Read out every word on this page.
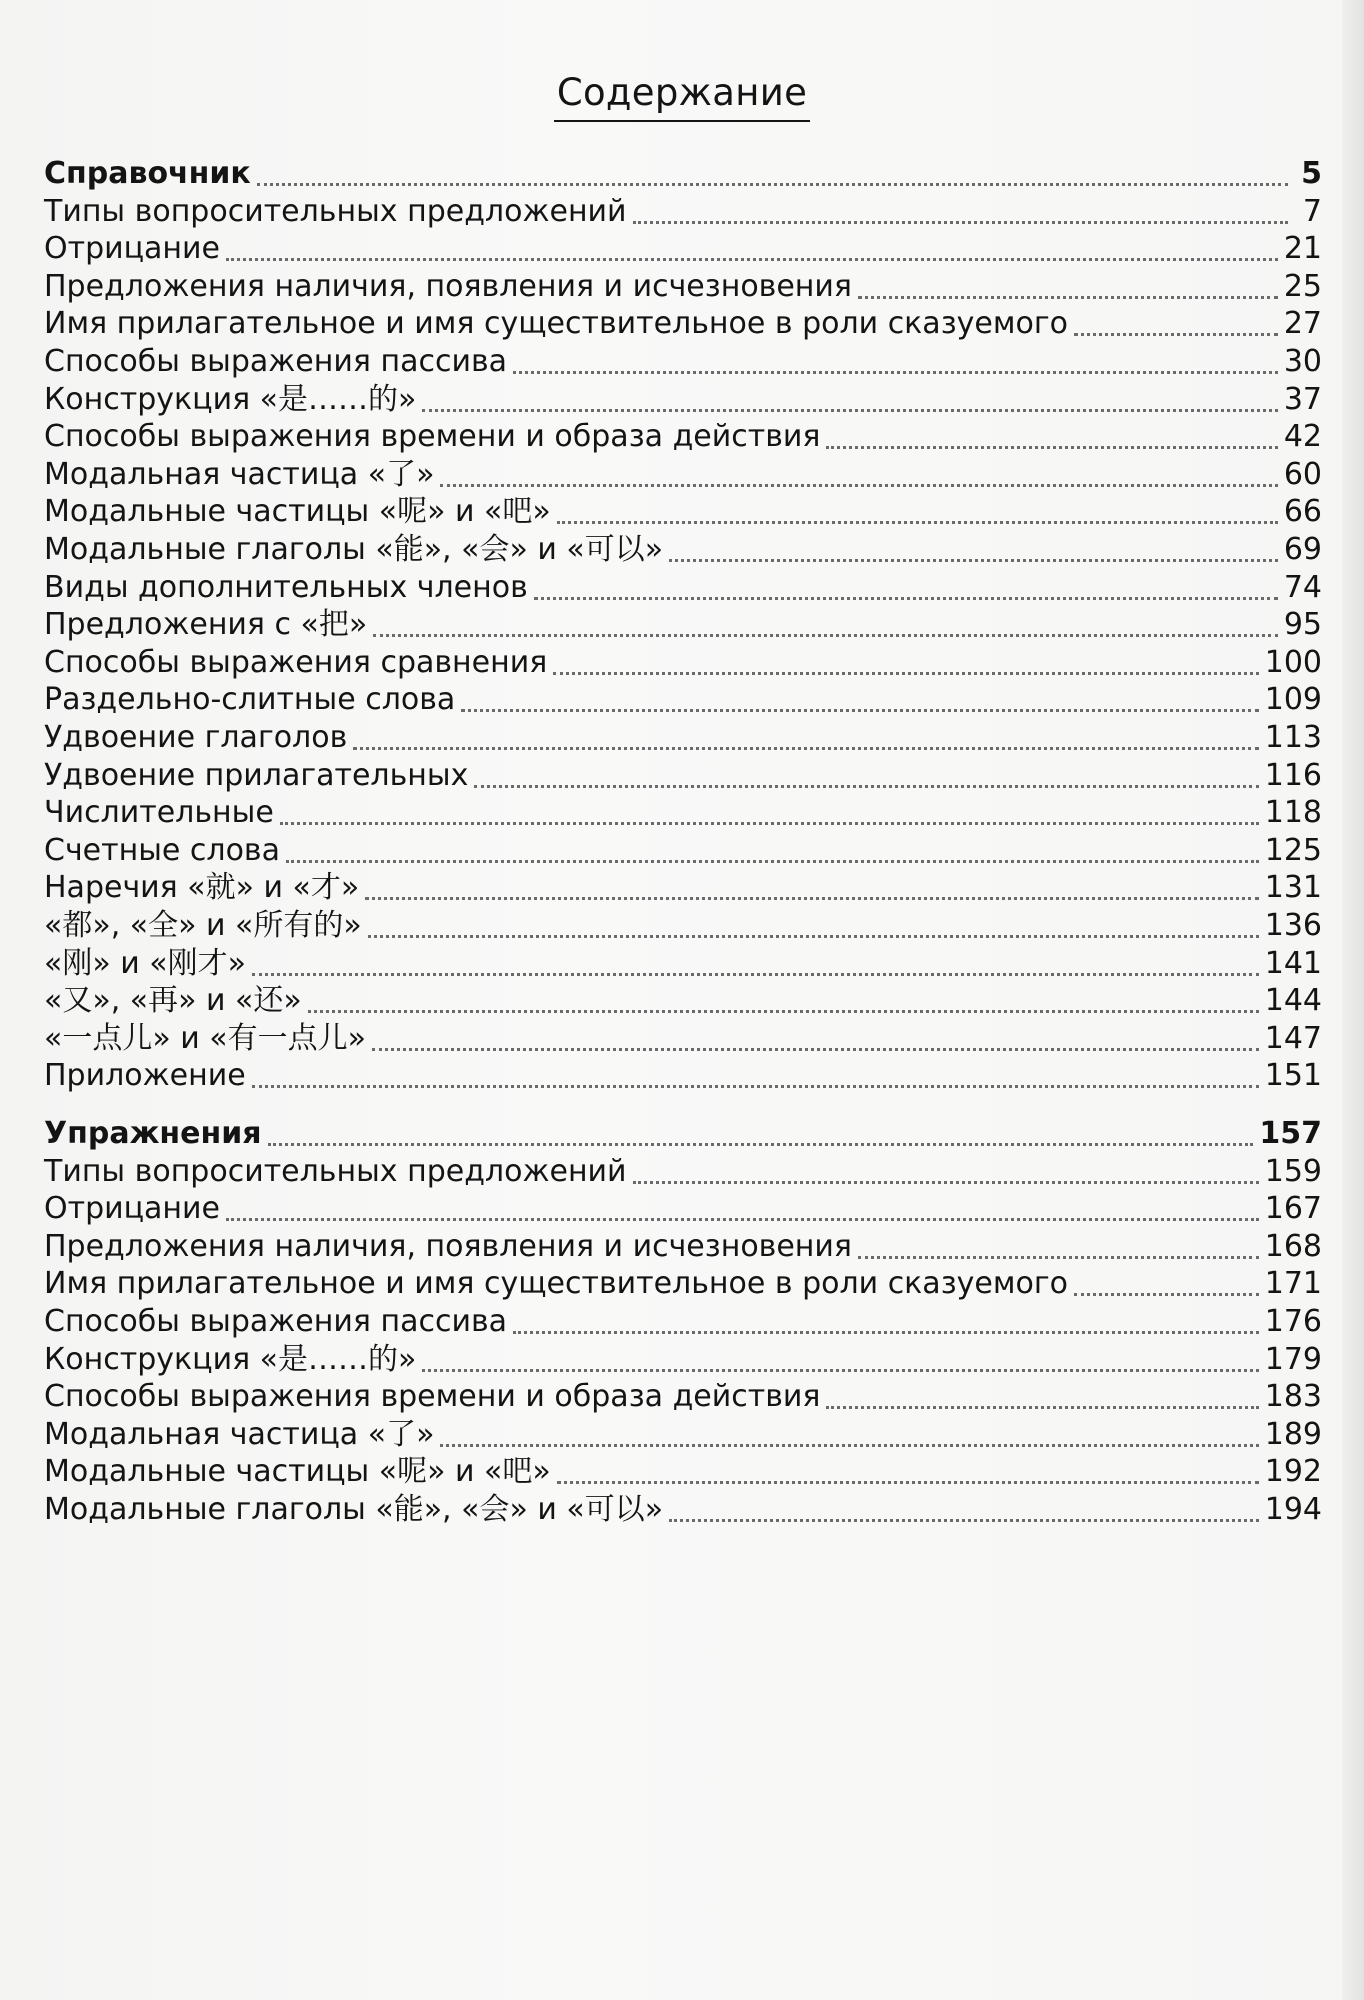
Содержание
Справочник	5
Типы вопросительных предложений	7
Отрицание	21
Предложения наличия, появления и исчезновения	25
Имя прилагательное и имя существительное в роли сказуемого	27
Способы выражения пассива	30
Конструкция «是……的»	37
Способы выражения времени и образа действия	42
Модальная частица «了»	60
Модальные частицы «呢» и «吧»	66
Модальные глаголы «能», «会» и «可以»	69
Виды дополнительных членов	74
Предложения с «把»	95
Способы выражения сравнения	100
Раздельно-слитные слова	109
Удвоение глаголов	113
Удвоение прилагательных	116
Числительные	118
Счетные слова	125
Наречия «就» и «才»	131
«都», «全» и «所有的»	136
«刚» и «刚才»	141
«又», «再» и «还»	144
«一点儿» и «有一点儿»	147
Приложение	151
Упражнения	157
Типы вопросительных предложений	159
Отрицание	167
Предложения наличия, появления и исчезновения	168
Имя прилагательное и имя существительное в роли сказуемого	171
Способы выражения пассива	176
Конструкция «是……的»	179
Способы выражения времени и образа действия	183
Модальная частица «了»	189
Модальные частицы «呢» и «吧»	192
Модальные глаголы «能», «会» и «可以»	194
